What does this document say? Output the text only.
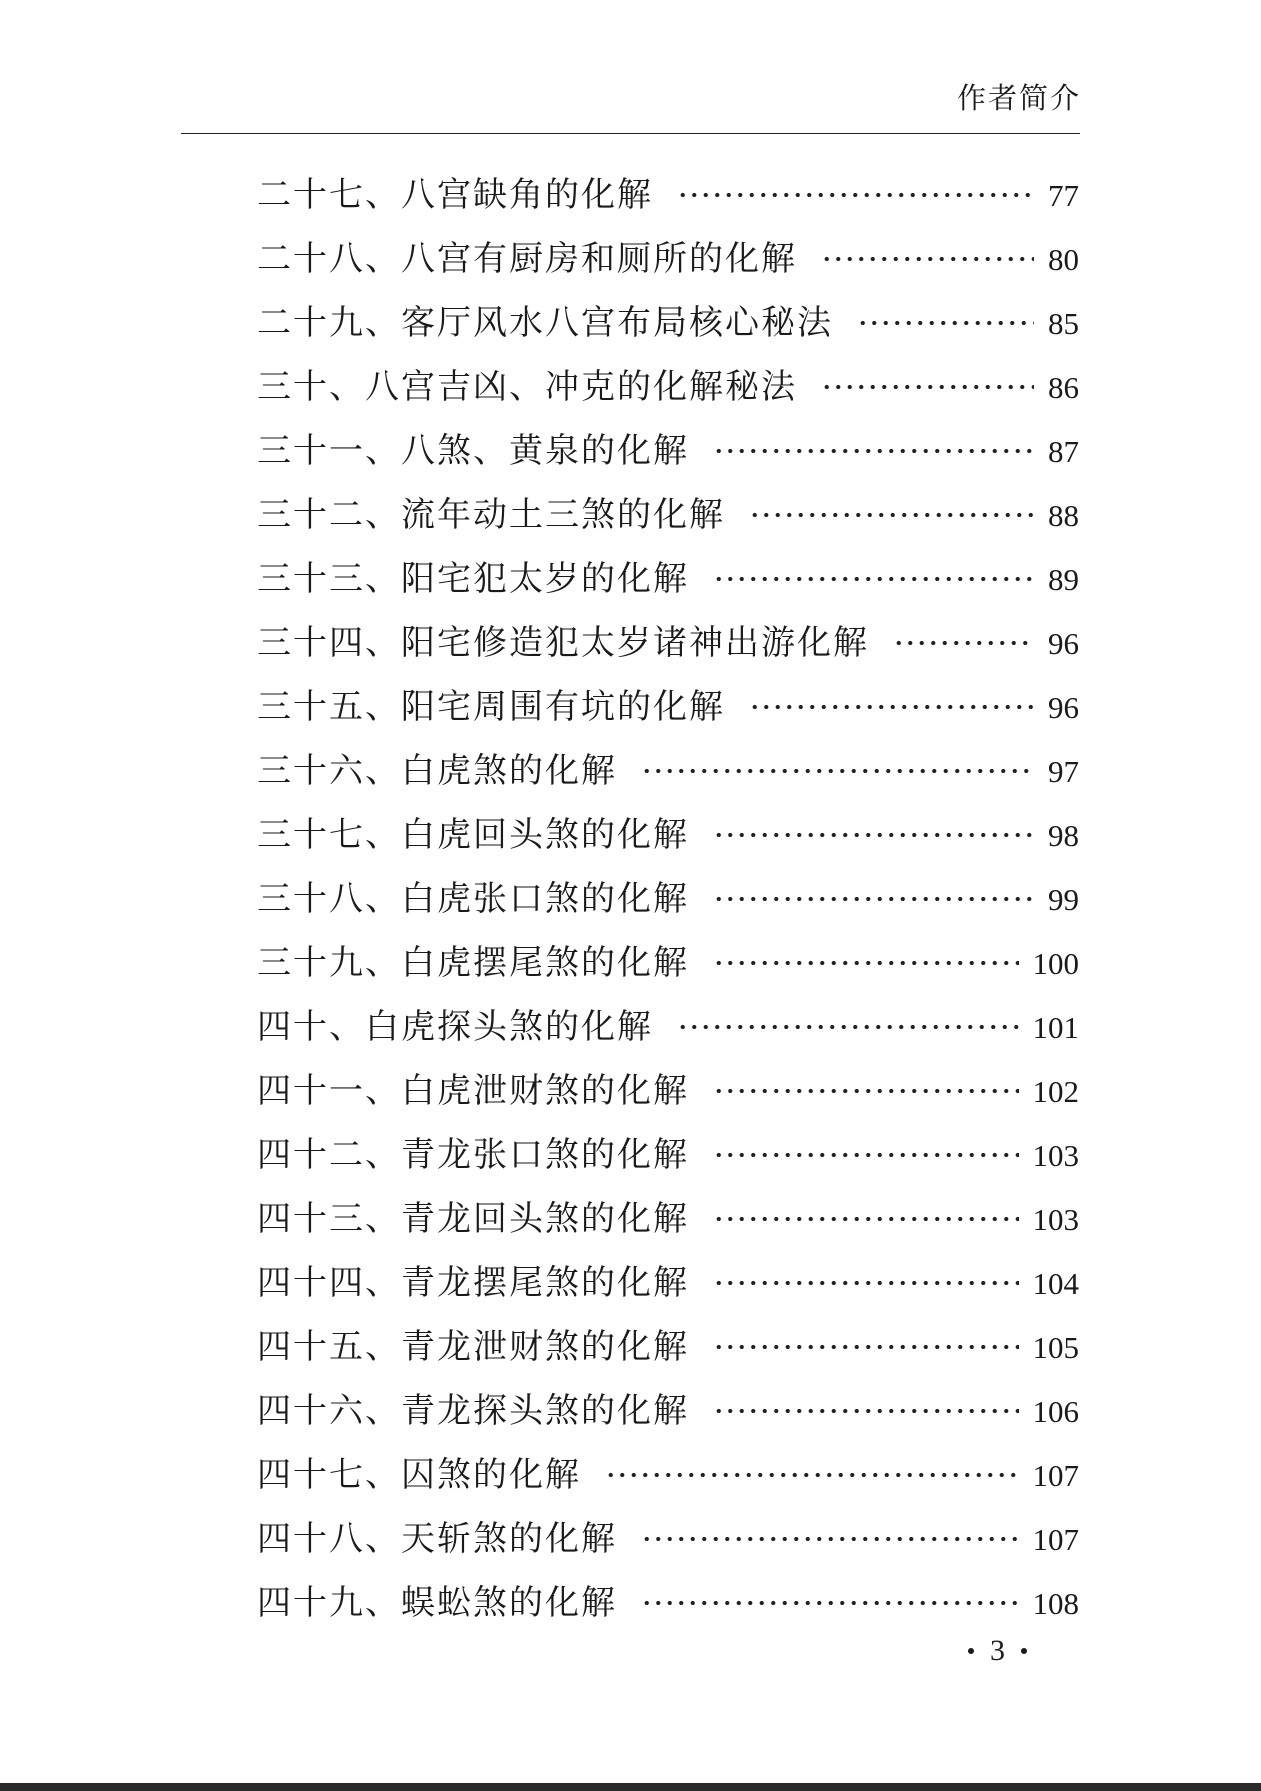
作者简介
二十七、八宫缺角的化解	77
二十八、八宫有厨房和厕所的化解	80
二十九、客厅风水八宫布局核心秘法	85
三十、八宫吉凶、冲克的化解秘法	86
三十一、八煞、黄泉的化解	87
三十二、流年动土三煞的化解	88
三十三、阳宅犯太岁的化解	89
三十四、阳宅修造犯太岁诸神出游化解	96
三十五、阳宅周围有坑的化解	96
三十六、白虎煞的化解	97
三十七、白虎回头煞的化解	98
三十八、白虎张口煞的化解	99
三十九、白虎摆尾煞的化解	100
四十、白虎探头煞的化解	101
四十一、白虎泄财煞的化解	102
四十二、青龙张口煞的化解	103
四十三、青龙回头煞的化解	103
四十四、青龙摆尾煞的化解	104
四十五、青龙泄财煞的化解	105
四十六、青龙探头煞的化解	106
四十七、囚煞的化解	107
四十八、天斩煞的化解	107
四十九、蜈蚣煞的化解	108
3
